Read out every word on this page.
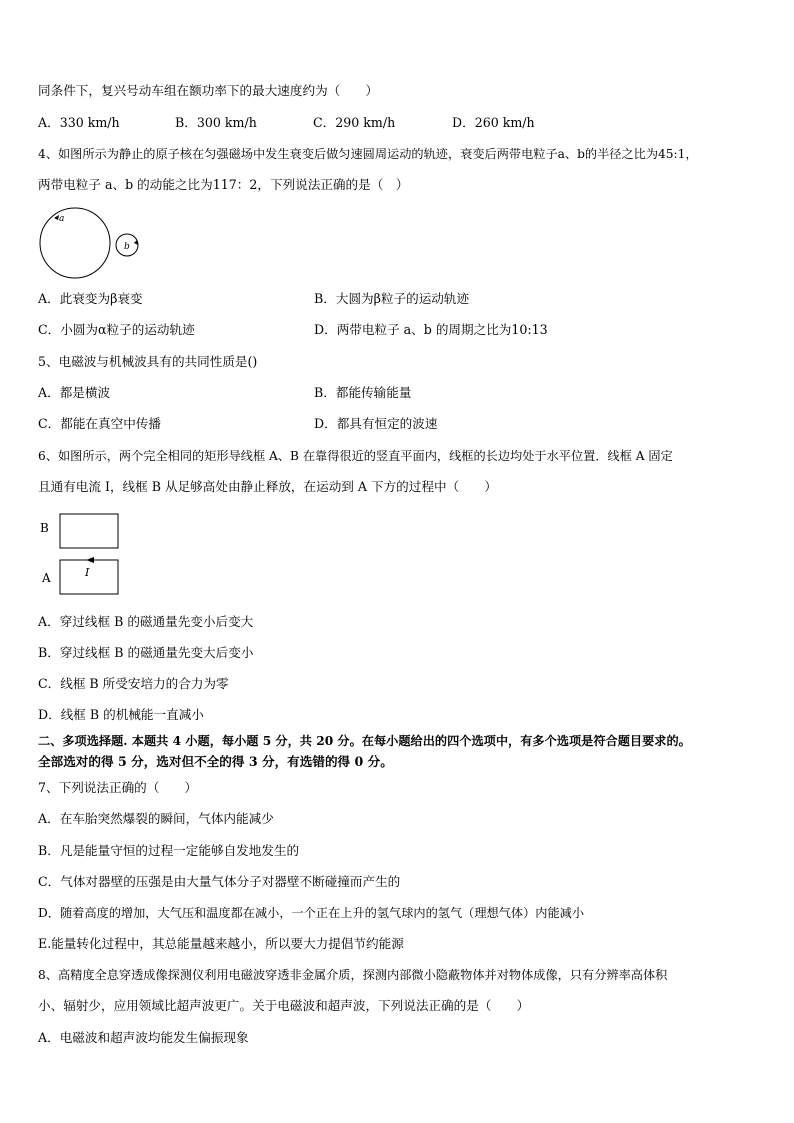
同条件下，复兴号动车组在额功率下的最大速度约为（　　）
A．330 km/h	B．300 km/h	C．290 km/h	D．260 km/h
4、如图所示为静止的原子核在匀强磁场中发生衰变后做匀速圆周运动的轨迹，衰变后两带电粒子a、b的半径之比为45:1，
两带电粒子 a、b 的动能之比为117：2，下列说法正确的是（　）
a
b
A．此衰变为β衰变	B．大圆为β粒子的运动轨迹
C．小圆为α粒子的运动轨迹	D．两带电粒子 a、b 的周期之比为10:13
5、电磁波与机械波具有的共同性质是()
A．都是横波	B．都能传输能量
C．都能在真空中传播	D．都具有恒定的波速
6、如图所示，两个完全相同的矩形导线框 A、B 在靠得很近的竖直平面内，线框的长边均处于水平位置．线框 A 固定
且通有电流 I，线框 B 从足够高处由静止释放，在运动到 A 下方的过程中（　　）
B
A	I
A．穿过线框 B 的磁通量先变小后变大
B．穿过线框 B 的磁通量先变大后变小
C．线框 B 所受安培力的合力为零
D．线框 B 的机械能一直减小
二、多项选择题. 本题共 4 小题，每小题 5 分，共 20 分。在每小题给出的四个选项中，有多个选项是符合题目要求的。
全部选对的得 5 分，选对但不全的得 3 分，有选错的得 0 分。
7、下列说法正确的（　　）
A．在车胎突然爆裂的瞬间，气体内能减少
B．凡是能量守恒的过程一定能够自发地发生的
C．气体对器壁的压强是由大量气体分子对器壁不断碰撞而产生的
D．随着高度的增加，大气压和温度都在减小，一个正在上升的氢气球内的氢气（理想气体）内能减小
E.能量转化过程中，其总能量越来越小，所以要大力提倡节约能源
8、高精度全息穿透成像探测仪利用电磁波穿透非金属介质，探测内部微小隐蔽物体并对物体成像，只有分辨率高体积
小、辐射少，应用领域比超声波更广。关于电磁波和超声波，下列说法正确的是（　　）
A．电磁波和超声波均能发生偏振现象
